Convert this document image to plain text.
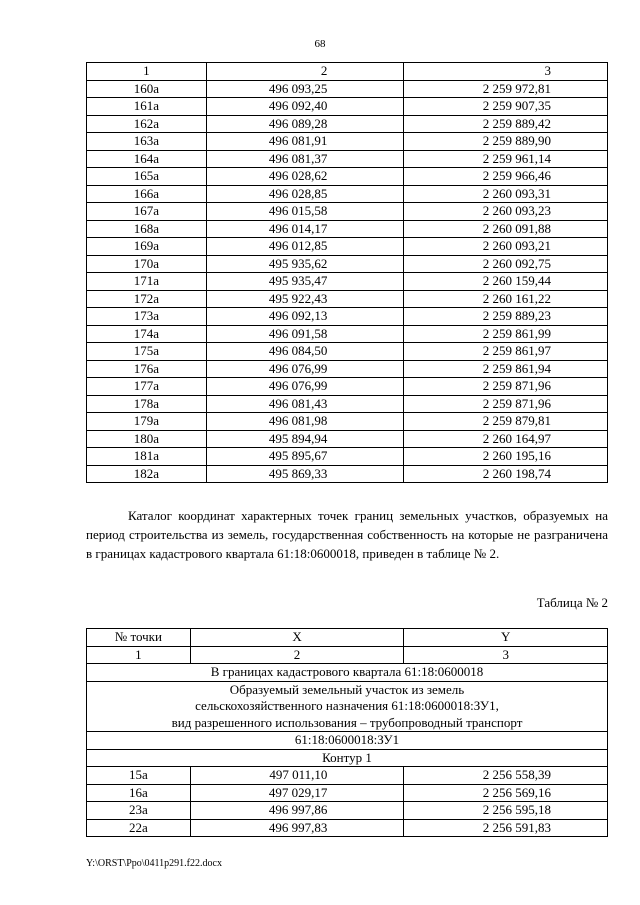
68
1	2	3
160а	496 093,25	2 259 972,81
161а	496 092,40	2 259 907,35
162а	496 089,28	2 259 889,42
163а	496 081,91	2 259 889,90
164а	496 081,37	2 259 961,14
165а	496 028,62	2 259 966,46
166а	496 028,85	2 260 093,31
167а	496 015,58	2 260 093,23
168а	496 014,17	2 260 091,88
169а	496 012,85	2 260 093,21
170а	495 935,62	2 260 092,75
171а	495 935,47	2 260 159,44
172а	495 922,43	2 260 161,22
173а	496 092,13	2 259 889,23
174а	496 091,58	2 259 861,99
175а	496 084,50	2 259 861,97
176а	496 076,99	2 259 861,94
177а	496 076,99	2 259 871,96
178а	496 081,43	2 259 871,96
179а	496 081,98	2 259 879,81
180а	495 894,94	2 260 164,97
181а	495 895,67	2 260 195,16
182а	495 869,33	2 260 198,74

Каталог координат характерных точек границ земельных участков, образуемых на период строительства из земель, государственная собственность на которые не разграничена в границах кадастрового квартала 61:18:0600018, приведен в таблице № 2.

Таблица № 2
№ точки	X	Y
1	2	3
В границах кадастрового квартала 61:18:0600018		

Образуемый земельный участок из земель
сельскохозяйственного назначения 61:18:0600018:ЗУ1,
вид разрешенного использования – трубопроводный транспорт		

61:18:0600018:ЗУ1		
Контур 1		
15а	497 011,10	2 256 558,39
16а	497 029,17	2 256 569,16
23а	496 997,86	2 256 595,18
22а	496 997,83	2 256 591,83
Y:\ORST\Ppo\0411p291.f22.docx
